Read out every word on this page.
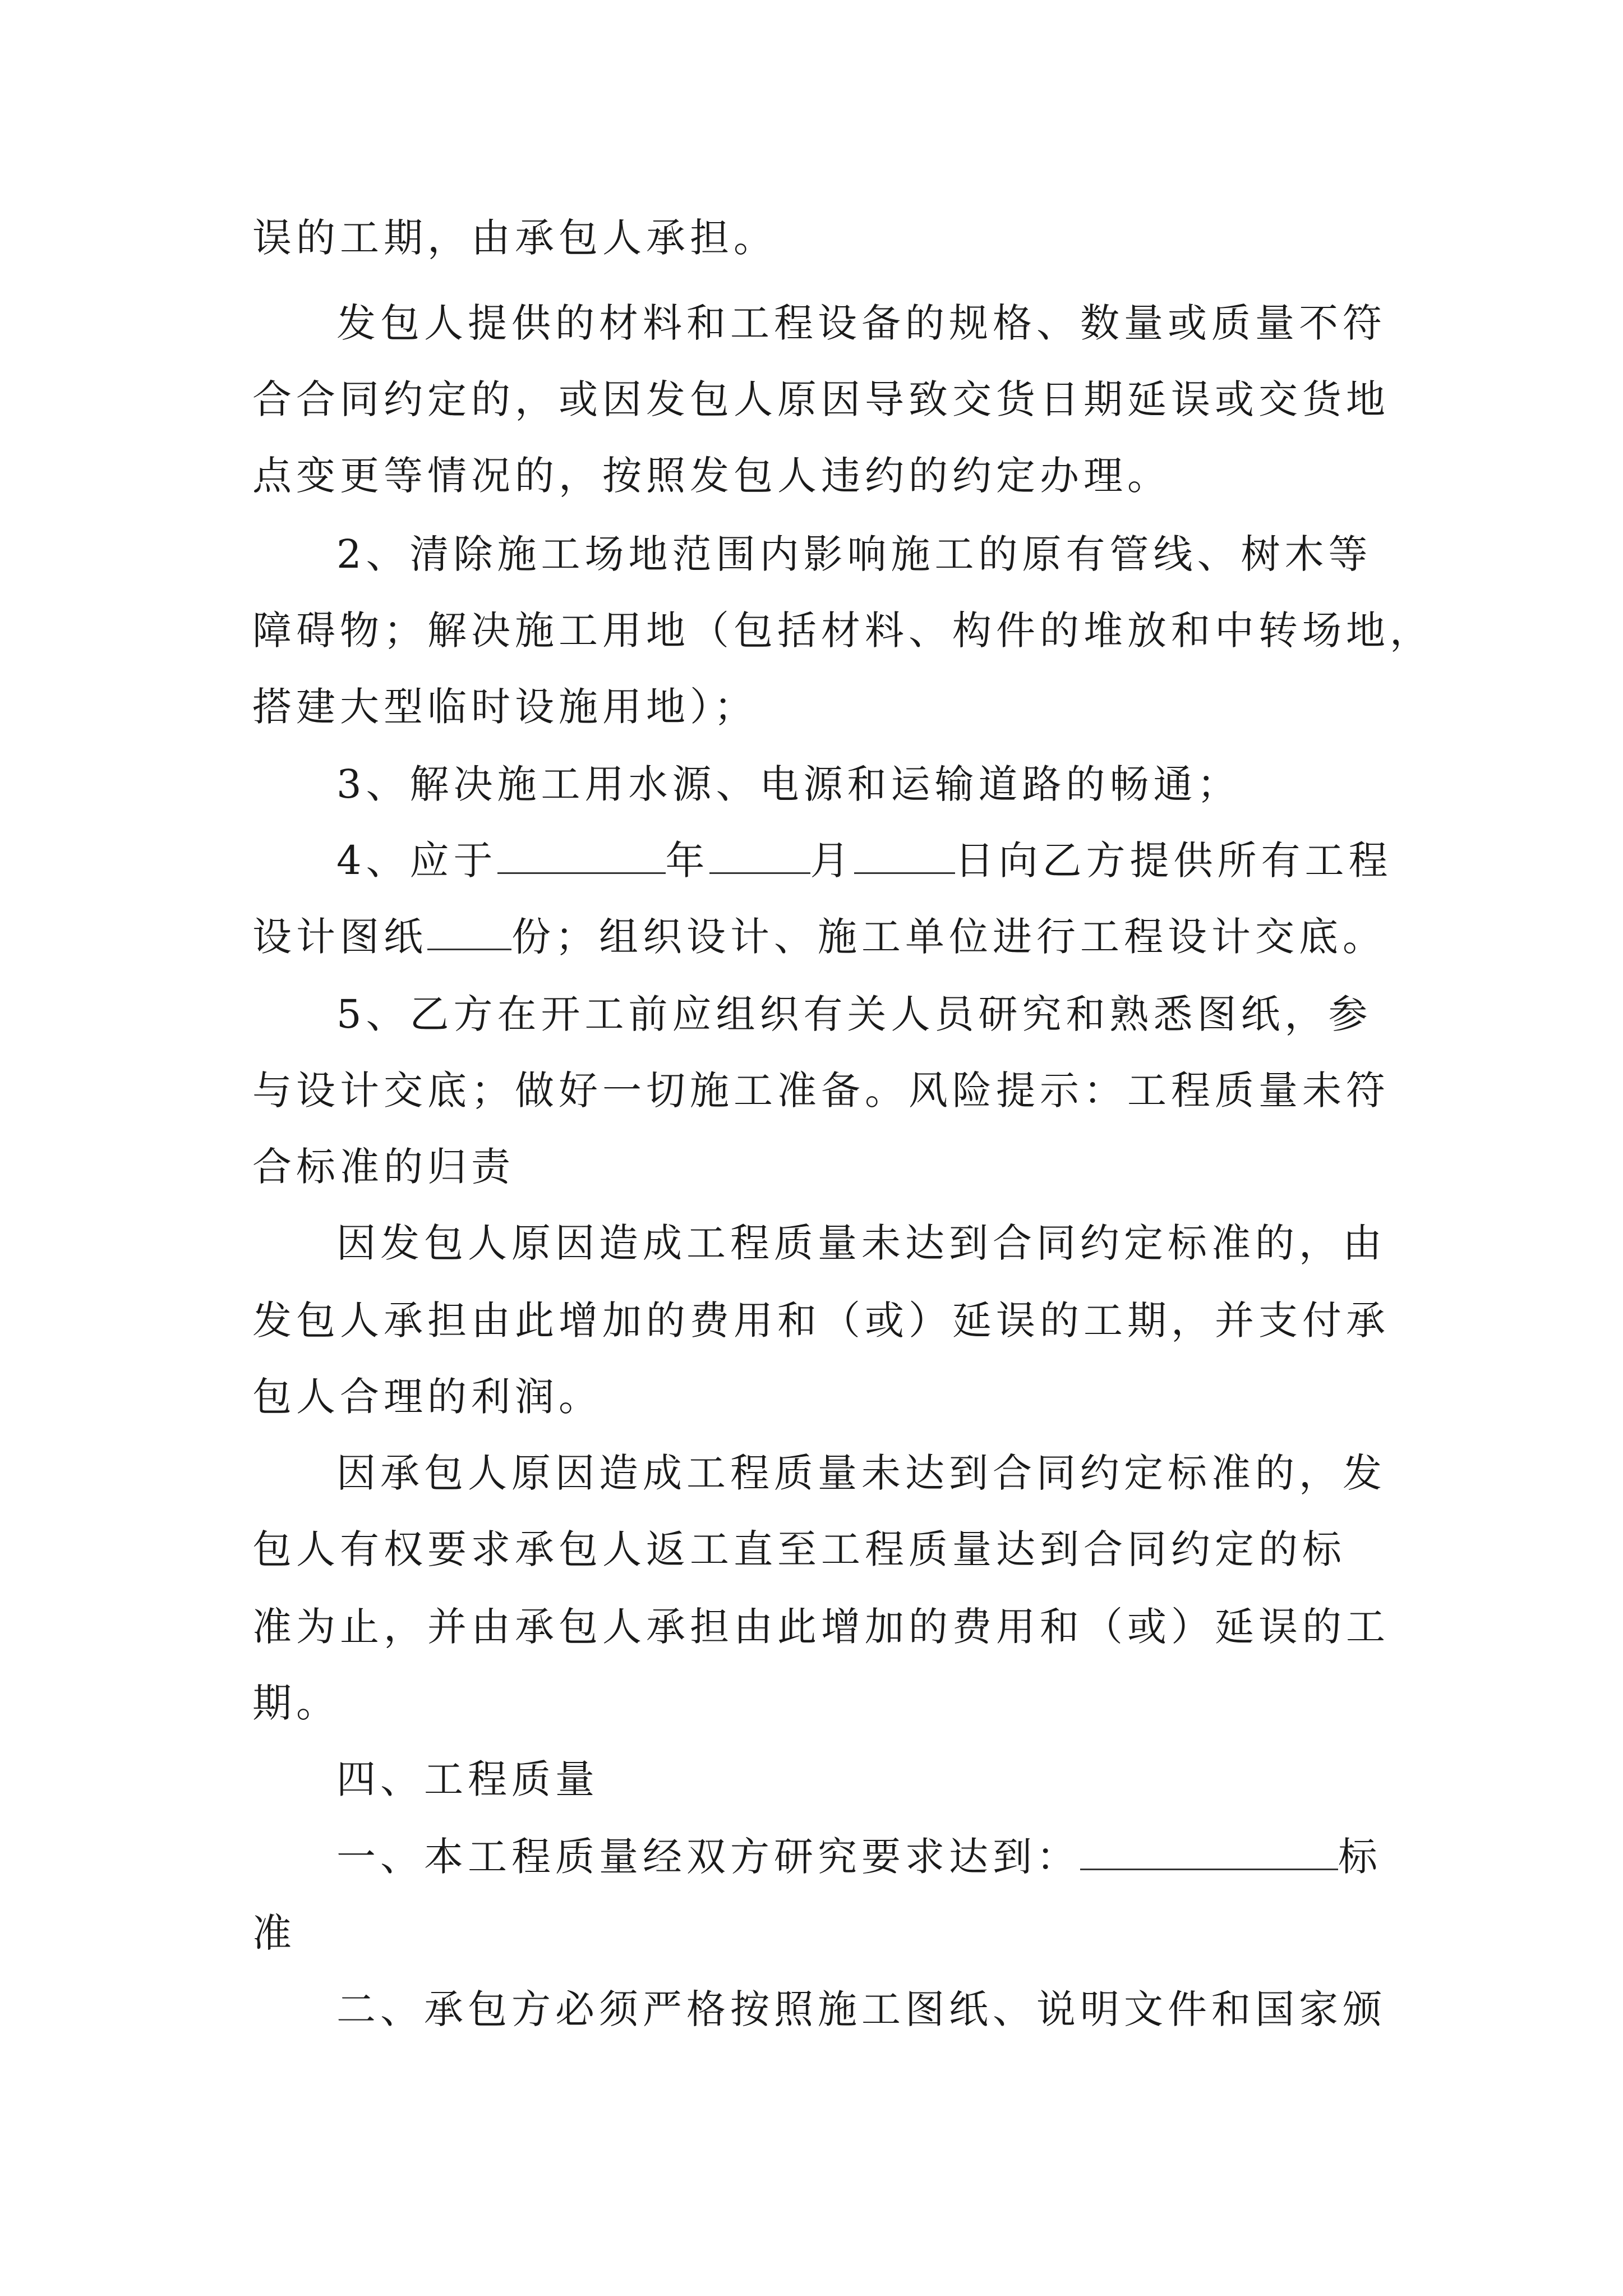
误的工期，由承包人承担。
发包人提供的材料和工程设备的规格、数量或质量不符
合合同约定的，或因发包人原因导致交货日期延误或交货地
点变更等情况的，按照发包人违约的约定办理。
2、清除施工场地范围内影响施工的原有管线、树木等
障碍物；解决施工用地（包括材料、构件的堆放和中转场地，
搭建大型临时设施用地）；
3、解决施工用水源、电源和运输道路的畅通；
4、应于	年	月	日向乙方提供所有工程
设计图纸 份；组织设计、施工单位进行工程设计交底。
5、乙方在开工前应组织有关人员研究和熟悉图纸，参
与设计交底；做好一切施工准备。风险提示：工程质量未符
合标准的归责
因发包人原因造成工程质量未达到合同约定标准的，由
发包人承担由此增加的费用和（或）延误的工期，并支付承
包人合理的利润。
因承包人原因造成工程质量未达到合同约定标准的，发
包人有权要求承包人返工直至工程质量达到合同约定的标
准为止，并由承包人承担由此增加的费用和（或）延误的工
期。
四、工程质量
一、本工程质量经双方研究要求达到：	标
准
二、承包方必须严格按照施工图纸、说明文件和国家颁
